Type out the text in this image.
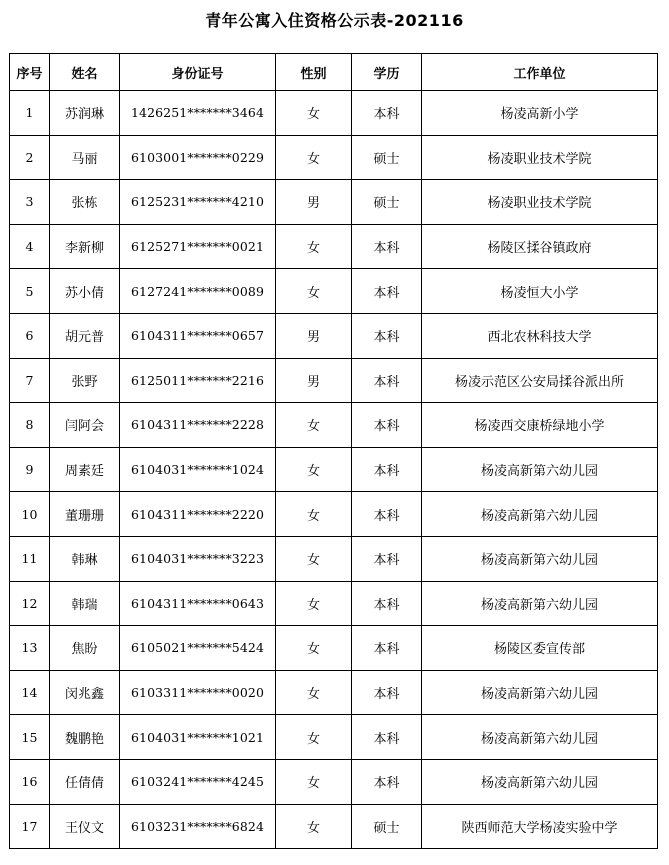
青年公寓入住资格公示表-202116
序号	姓名	身份证号	性别	学历	工作单位
1	苏润琳	1426251*******3464	女	本科	杨凌高新小学
2	马丽	6103001*******0229	女	硕士	杨凌职业技术学院
3	张栋	6125231*******4210	男	硕士	杨凌职业技术学院
4	李新柳	6125271*******0021	女	本科	杨陵区揉谷镇政府
5	苏小倩	6127241*******0089	女	本科	杨凌恒大小学
6	胡元普	6104311*******0657	男	本科	西北农林科技大学
7	张野	6125011*******2216	男	本科	杨凌示范区公安局揉谷派出所
8	闫阿会	6104311*******2228	女	本科	杨凌西交康桥绿地小学
9	周素廷	6104031*******1024	女	本科	杨凌高新第六幼儿园
10	董珊珊	6104311*******2220	女	本科	杨凌高新第六幼儿园
11	韩琳	6104031*******3223	女	本科	杨凌高新第六幼儿园
12	韩瑞	6104311*******0643	女	本科	杨凌高新第六幼儿园
13	焦盼	6105021*******5424	女	本科	杨陵区委宣传部
14	闵兆鑫	6103311*******0020	女	本科	杨凌高新第六幼儿园
15	魏鹏艳	6104031*******1021	女	本科	杨凌高新第六幼儿园
16	任倩倩	6103241*******4245	女	本科	杨凌高新第六幼儿园
17	王仪文	6103231*******6824	女	硕士	陕西师范大学杨凌实验中学
